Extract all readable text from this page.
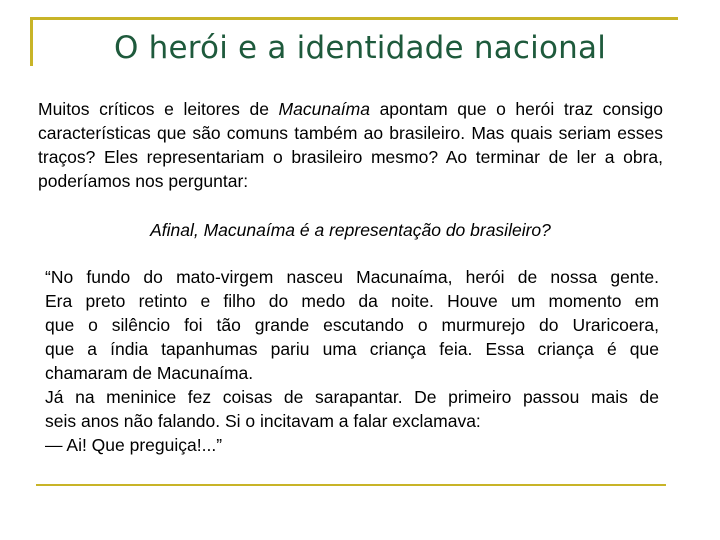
O herói e a identidade nacional

Muitos críticos e leitores de Macunaíma apontam que o herói traz consigo características que são comuns também ao brasileiro. Mas quais seriam esses traços? Eles representariam o brasileiro mesmo? Ao terminar de ler a obra, poderíamos nos perguntar:

Afinal, Macunaíma é a representação do brasileiro?

“No fundo do mato-virgem nasceu Macunaíma, herói de nossa gente.
Era preto retinto e filho do medo da noite. Houve um momento em
que o silêncio foi tão grande escutando o murmurejo do Uraricoera,
que a índia tapanhumas pariu uma criança feia. Essa criança é que
chamaram de Macunaíma.
Já na meninice fez coisas de sarapantar. De primeiro passou mais de
seis anos não falando. Si o incitavam a falar exclamava:
— Ai! Que preguiça!...”
